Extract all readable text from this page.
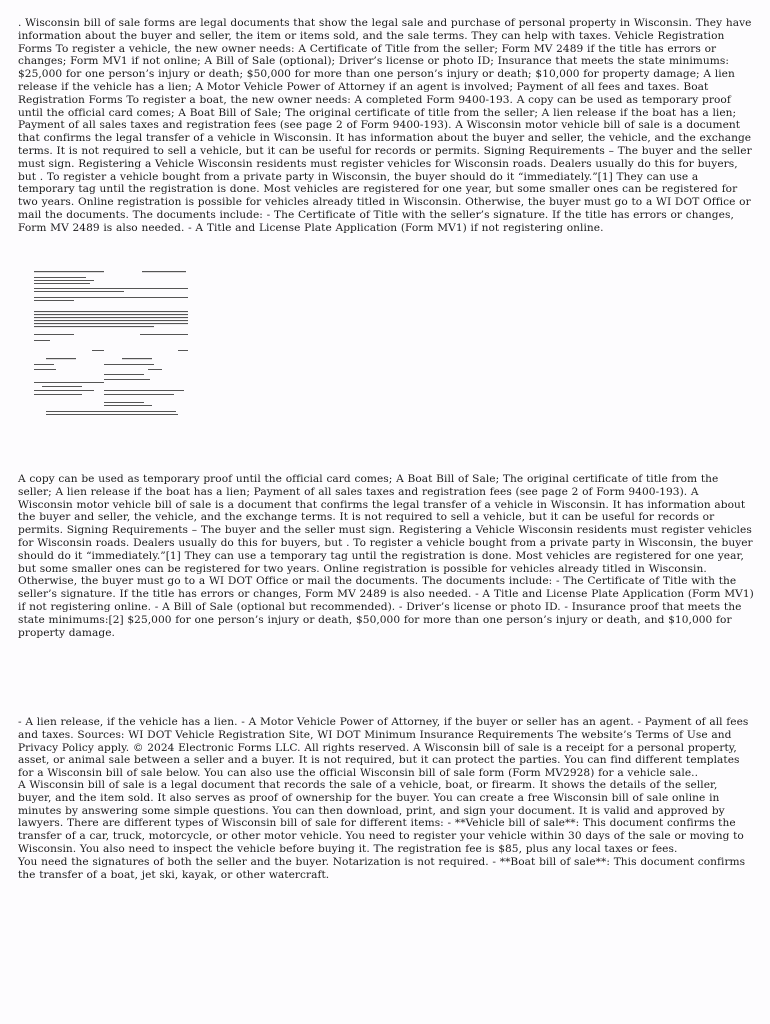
. Wisconsin bill of sale forms are legal documents that show the legal sale and purchase of personal property in Wisconsin. They have information about the buyer and seller, the item or items sold, and the sale terms. They can help with taxes. Vehicle Registration Forms To register a vehicle, the new owner needs: A Certificate of Title from the seller; Form MV 2489 if the title has errors or changes; Form MV1 if not online; A Bill of Sale (optional); Driver’s license or photo ID; Insurance that meets the state minimums: $25,000 for one person’s injury or death; $50,000 for more than one person’s injury or death; $10,000 for property damage; A lien release if the vehicle has a lien; A Motor Vehicle Power of Attorney if an agent is involved; Payment of all fees and taxes. Boat Registration Forms To register a boat, the new owner needs: A completed Form 9400-193. A copy can be used as temporary proof until the official card comes; A Boat Bill of Sale; The original certificate of title from the seller; A lien release if the boat has a lien; Payment of all sales taxes and registration fees (see page 2 of Form 9400-193). A Wisconsin motor vehicle bill of sale is a document that confirms the legal transfer of a vehicle in Wisconsin. It has information about the buyer and seller, the vehicle, and the exchange terms. It is not required to sell a vehicle, but it can be useful for records or permits. Signing Requirements – The buyer and the seller must sign. Registering a Vehicle Wisconsin residents must register vehicles for Wisconsin roads. Dealers usually do this for buyers, but . To register a vehicle bought from a private party in Wisconsin, the buyer should do it “immediately.”[1] They can use a temporary tag until the registration is done. Most vehicles are registered for one year, but some smaller ones can be registered for two years. Online registration is possible for vehicles already titled in Wisconsin. Otherwise, the buyer must go to a WI DOT Office or mail the documents. The documents include: - The Certificate of Title with the seller’s signature. If the title has errors or changes, Form MV 2489 is also needed. - A Title and License Plate Application (Form MV1) if not registering online.

A copy can be used as temporary proof until the official card comes; A Boat Bill of Sale; The original certificate of title from the seller; A lien release if the boat has a lien; Payment of all sales taxes and registration fees (see page 2 of Form 9400-193). A Wisconsin motor vehicle bill of sale is a document that confirms the legal transfer of a vehicle in Wisconsin. It has information about the buyer and seller, the vehicle, and the exchange terms. It is not required to sell a vehicle, but it can be useful for records or permits. Signing Requirements – The buyer and the seller must sign. Registering a Vehicle Wisconsin residents must register vehicles for Wisconsin roads. Dealers usually do this for buyers, but . To register a vehicle bought from a private party in Wisconsin, the buyer should do it “immediately.”[1] They can use a temporary tag until the registration is done. Most vehicles are registered for one year, but some smaller ones can be registered for two years. Online registration is possible for vehicles already titled in Wisconsin. Otherwise, the buyer must go to a WI DOT Office or mail the documents. The documents include: - The Certificate of Title with the seller’s signature. If the title has errors or changes, Form MV 2489 is also needed. - A Title and License Plate Application (Form MV1) if not registering online. - A Bill of Sale (optional but recommended). - Driver’s license or photo ID. - Insurance proof that meets the state minimums:[2] $25,000 for one person’s injury or death, $50,000 for more than one person’s injury or death, and $10,000 for property damage.

- A lien release, if the vehicle has a lien. - A Motor Vehicle Power of Attorney, if the buyer or seller has an agent. - Payment of all fees and taxes. Sources: WI DOT Vehicle Registration Site, WI DOT Minimum Insurance Requirements The website’s Terms of Use and Privacy Policy apply. © 2024 Electronic Forms LLC. All rights reserved. A Wisconsin bill of sale is a receipt for a personal property, asset, or animal sale between a seller and a buyer. It is not required, but it can protect the parties. You can find different templates for a Wisconsin bill of sale below. You can also use the official Wisconsin bill of sale form (Form MV2928) for a vehicle sale..

A Wisconsin bill of sale is a legal document that records the sale of a vehicle, boat, or firearm. It shows the details of the seller, buyer, and the item sold. It also serves as proof of ownership for the buyer. You can create a free Wisconsin bill of sale online in minutes by answering some simple questions. You can then download, print, and sign your document. It is valid and approved by lawyers. There are different types of Wisconsin bill of sale for different items: - **Vehicle bill of sale**: This document confirms the transfer of a car, truck, motorcycle, or other motor vehicle. You need to register your vehicle within 30 days of the sale or moving to Wisconsin. You also need to inspect the vehicle before buying it. The registration fee is $85, plus any local taxes or fees.
You need the signatures of both the seller and the buyer. Notarization is not required. - **Boat bill of sale**: This document confirms the transfer of a boat, jet ski, kayak, or other watercraft.
